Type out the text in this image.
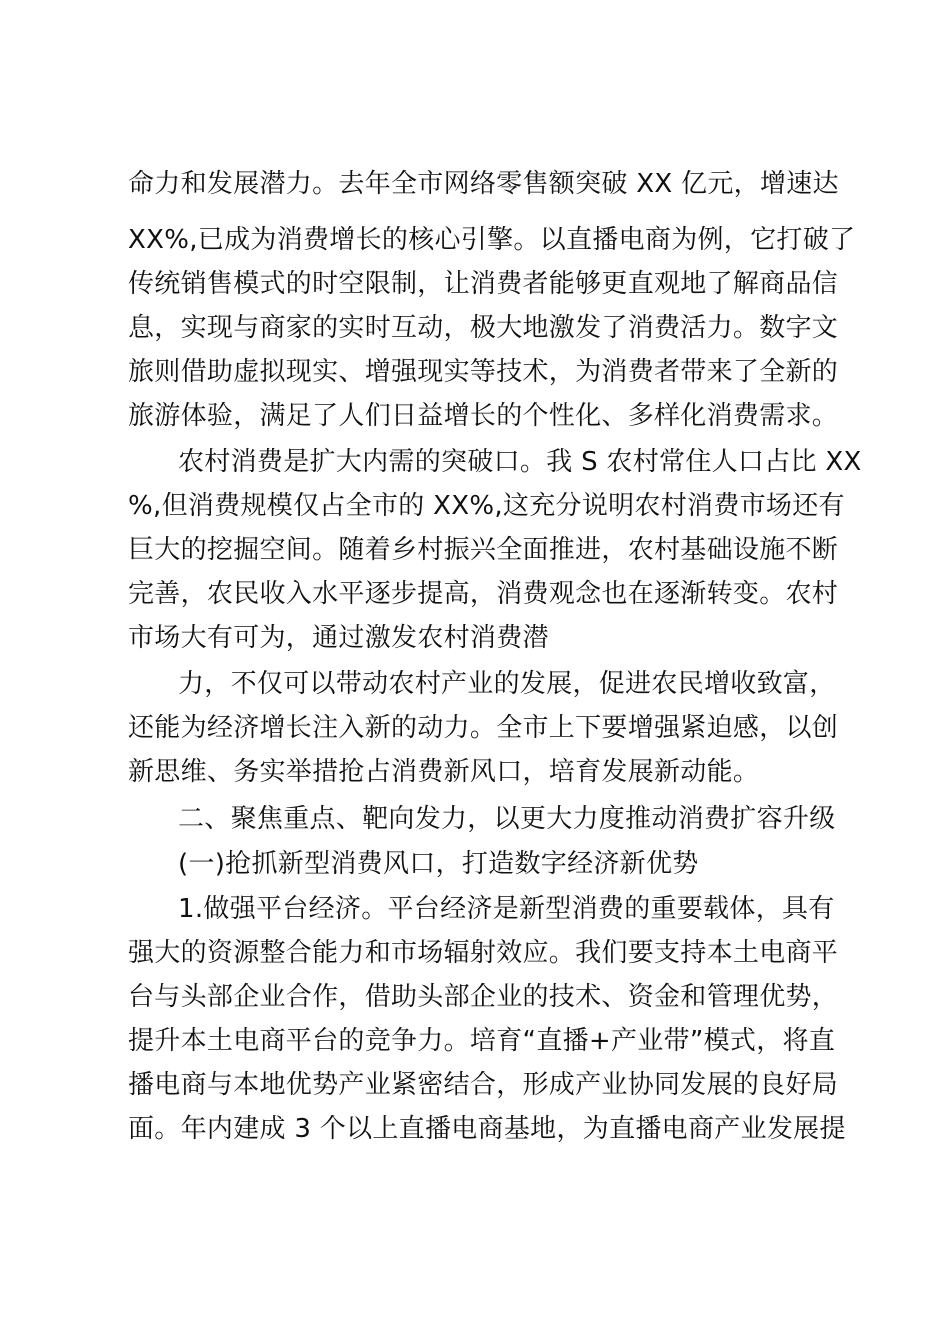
命力和发展潜力。去年全市网络零售额突破 XX 亿元，增速达
XX%,已成为消费增长的核心引擎。以直播电商为例，它打破了
传统销售模式的时空限制，让消费者能够更直观地了解商品信
息，实现与商家的实时互动，极大地激发了消费活力。数字文
旅则借助虚拟现实、增强现实等技术，为消费者带来了全新的
旅游体验，满足了人们日益增长的个性化、多样化消费需求。
农村消费是扩大内需的突破口。我 S 农村常住人口占比 XX
%,但消费规模仅占全市的 XX%,这充分说明农村消费市场还有
巨大的挖掘空间。随着乡村振兴全面推进，农村基础设施不断
完善，农民收入水平逐步提高，消费观念也在逐渐转变。农村
市场大有可为，通过激发农村消费潜
力，不仅可以带动农村产业的发展，促进农民增收致富，
还能为经济增长注入新的动力。全市上下要增强紧迫感，以创
新思维、务实举措抢占消费新风口，培育发展新动能。
二、聚焦重点、靶向发力，以更大力度推动消费扩容升级
(一)抢抓新型消费风口，打造数字经济新优势
1.做强平台经济。平台经济是新型消费的重要载体，具有
强大的资源整合能力和市场辐射效应。我们要支持本土电商平
台与头部企业合作，借助头部企业的技术、资金和管理优势，
提升本土电商平台的竞争力。培育“直播+产业带”模式，将直
播电商与本地优势产业紧密结合，形成产业协同发展的良好局
面。年内建成 3 个以上直播电商基地，为直播电商产业发展提
